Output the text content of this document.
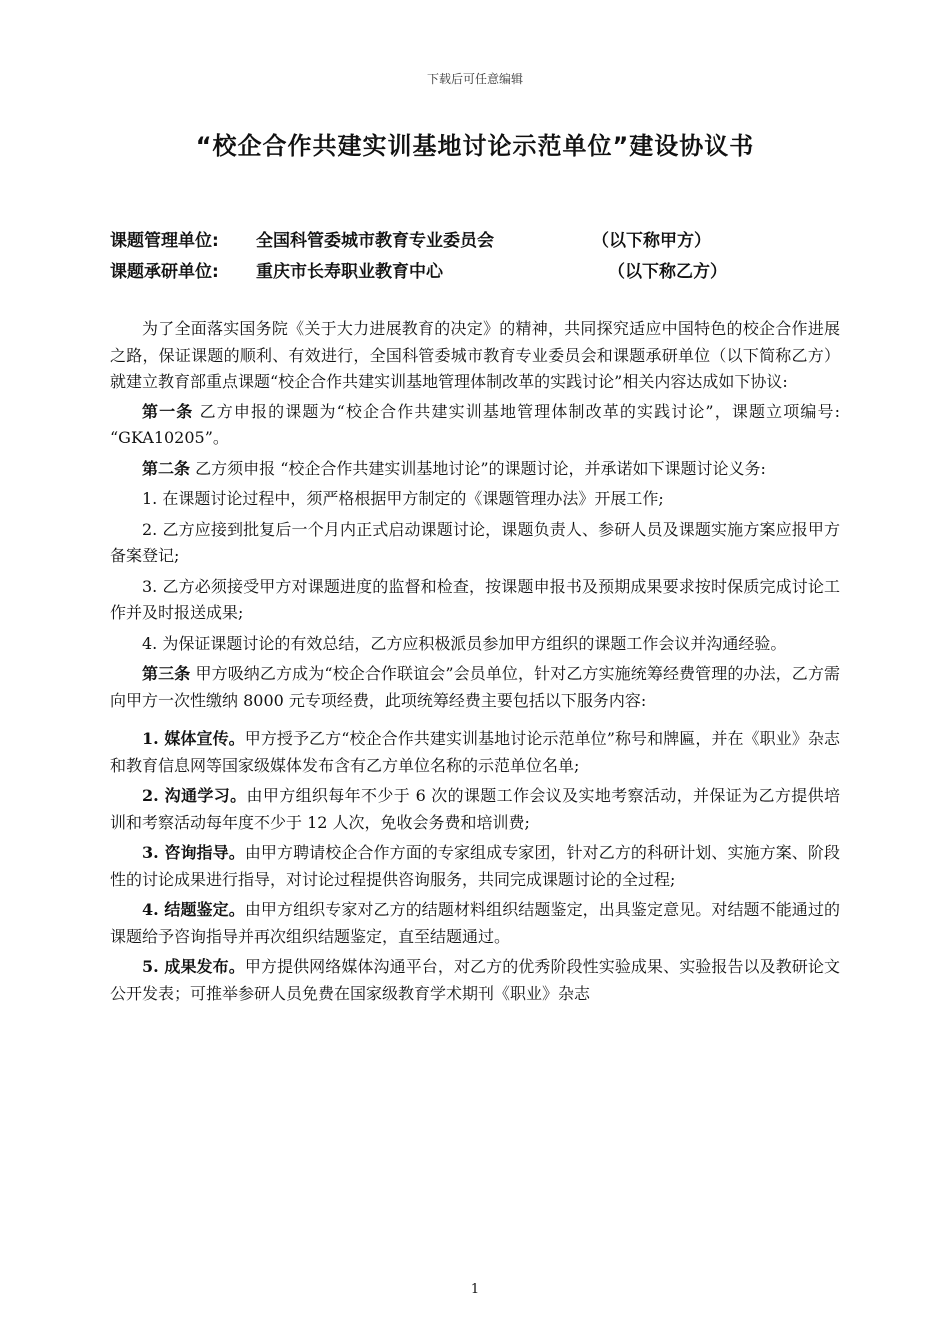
下载后可任意编辑
“校企合作共建实训基地讨论示范单位”建设协议书
课题管理单位: 全国科管委城市教育专业委员会	（以下称甲方）
课题承研单位: 重庆市长寿职业教育中心	（以下称乙方）

为了全面落实国务院《关于大力进展教育的决定》的精神，共同探究适应中国特色的校企合作进展之路，保证课题的顺利、有效进行，全国科管委城市教育专业委员会和课题承研单位（以下简称乙方）就建立教育部重点课题“校企合作共建实训基地管理体制改革的实践讨论”相关内容达成如下协议:

第一条 乙方申报的课题为“校企合作共建实训基地管理体制改革的实践讨论”，课题立项编号: “GKA10205”。

第二条 乙方须申报 “校企合作共建实训基地讨论”的课题讨论，并承诺如下课题讨论义务:

1. 在课题讨论过程中，须严格根据甲方制定的《课题管理办法》开展工作;

2. 乙方应接到批复后一个月内正式启动课题讨论，课题负责人、参研人员及课题实施方案应报甲方备案登记;

3. 乙方必须接受甲方对课题进度的监督和检查，按课题申报书及预期成果要求按时保质完成讨论工作并及时报送成果;

4. 为保证课题讨论的有效总结，乙方应积极派员参加甲方组织的课题工作会议并沟通经验。

第三条 甲方吸纳乙方成为“校企合作联谊会”会员单位，针对乙方实施统筹经费管理的办法，乙方需向甲方一次性缴纳 8000 元专项经费，此项统筹经费主要包括以下服务内容:

1. 媒体宣传。甲方授予乙方“校企合作共建实训基地讨论示范单位”称号和牌匾，并在《职业》杂志和教育信息网等国家级媒体发布含有乙方单位名称的示范单位名单;

2. 沟通学习。由甲方组织每年不少于 6 次的课题工作会议及实地考察活动，并保证为乙方提供培训和考察活动每年度不少于 12 人次，免收会务费和培训费;

3. 咨询指导。由甲方聘请校企合作方面的专家组成专家团，针对乙方的科研计划、实施方案、阶段性的讨论成果进行指导，对讨论过程提供咨询服务，共同完成课题讨论的全过程;

4. 结题鉴定。由甲方组织专家对乙方的结题材料组织结题鉴定，出具鉴定意见。对结题不能通过的课题给予咨询指导并再次组织结题鉴定，直至结题通过。

5. 成果发布。甲方提供网络媒体沟通平台，对乙方的优秀阶段性实验成果、实验报告以及教研论文公开发表；可推举参研人员免费在国家级教育学术期刊《职业》杂志

1
